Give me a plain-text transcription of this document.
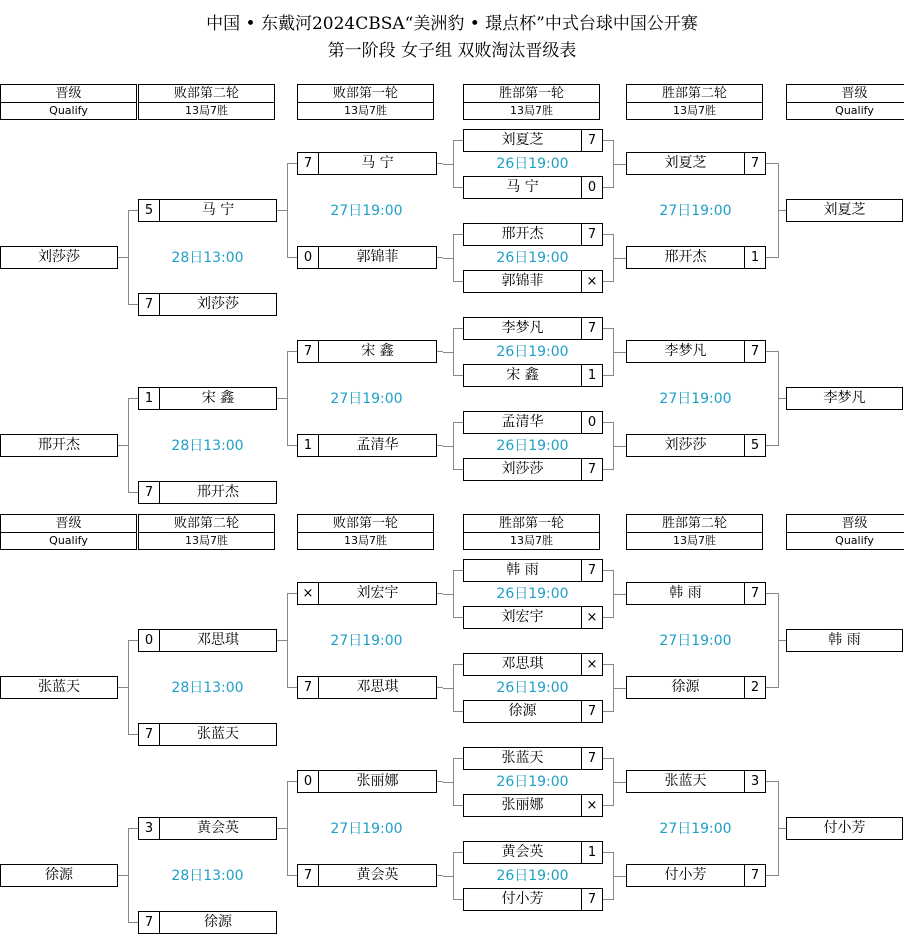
中国 • 东戴河2024CBSA“美洲豹 • 璟点杯”中式台球中国公开赛
第一阶段 女子组 双败淘汰晋级表
晋级
Qualify
败部第二轮
13局7胜
败部第一轮
13局7胜
胜部第一轮
13局7胜
胜部第二轮
13局7胜
晋级
Qualify
刘夏芝	7
马 宁	0
邢开杰	7
郭锦菲	×
26日19:00
26日19:00
刘夏芝	7
邢开杰	1
27日19:00	刘夏芝
7	马 宁
0	郭锦菲
27日19:00
5	马 宁
7	刘莎莎
28日13:00
刘莎莎
李梦凡	7
宋 鑫	1
孟清华	0
刘莎莎	7
26日19:00
26日19:00
李梦凡	7
刘莎莎	5
27日19:00	李梦凡
7	宋 鑫
1	孟清华
27日19:00
1	宋 鑫
7	邢开杰
28日13:00
邢开杰
晋级
Qualify
败部第二轮
13局7胜
败部第一轮
13局7胜
胜部第一轮
13局7胜
胜部第二轮
13局7胜
晋级
Qualify
韩 雨	7
刘宏宇	×
邓思琪	×
徐源	7
26日19:00
26日19:00
韩 雨	7
徐源	2
27日19:00	韩 雨
×	刘宏宇
7	邓思琪
27日19:00
0	邓思琪
7	张蓝天
28日13:00
张蓝天
张蓝天	7
张丽娜	×
黄会英	1
付小芳	7
26日19:00
26日19:00
张蓝天	3
付小芳	7
27日19:00	付小芳
0	张丽娜
7	黄会英
27日19:00
3	黄会英
7	徐源
28日13:00
徐源
